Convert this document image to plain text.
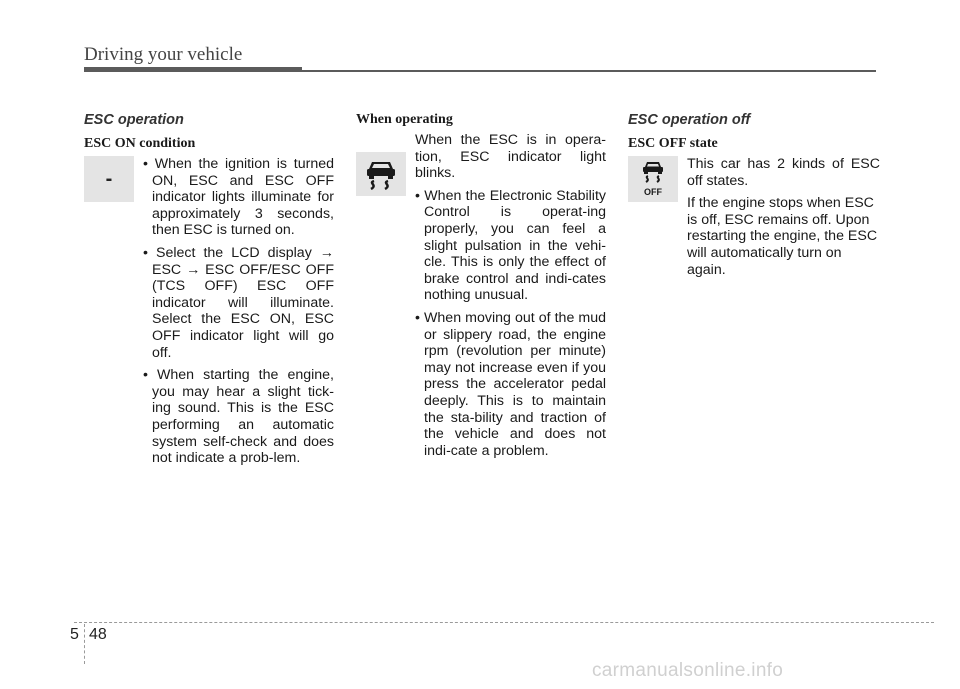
Driving your vehicle
ESC operation
ESC ON condition
-

• When the ignition is turned ON, ESC and ESC OFF indicator lights illuminate for approximately 3 seconds, then ESC is turned on.

• Select the LCD display → ESC → ESC OFF/ESC OFF (TCS OFF) ESC OFF indicator will illuminate. Select the ESC ON, ESC OFF indicator light will go off.

• When starting the engine, you may hear a slight tick-ing sound. This is the ESC performing an automatic system self-check and does not indicate a prob-lem.

When operating

When the ESC is in opera-tion, ESC indicator light blinks.

• When the Electronic Stability Control is operat-ing properly, you can feel a slight pulsation in the vehi-cle. This is only the effect of brake control and indi-cates nothing unusual.

• When moving out of the mud or slippery road, the engine rpm (revolution per minute) may not increase even if you press the accelerator pedal deeply. This is to maintain the sta-bility and traction of the vehicle and does not indi-cate a problem.

ESC operation off
ESC OFF state
OFF

This car has 2 kinds of ESC off states.

If the engine stops when ESC is off, ESC remains off. Upon restarting the engine, the ESC will automatically turn on again.

5 48
carmanualsonline.info
